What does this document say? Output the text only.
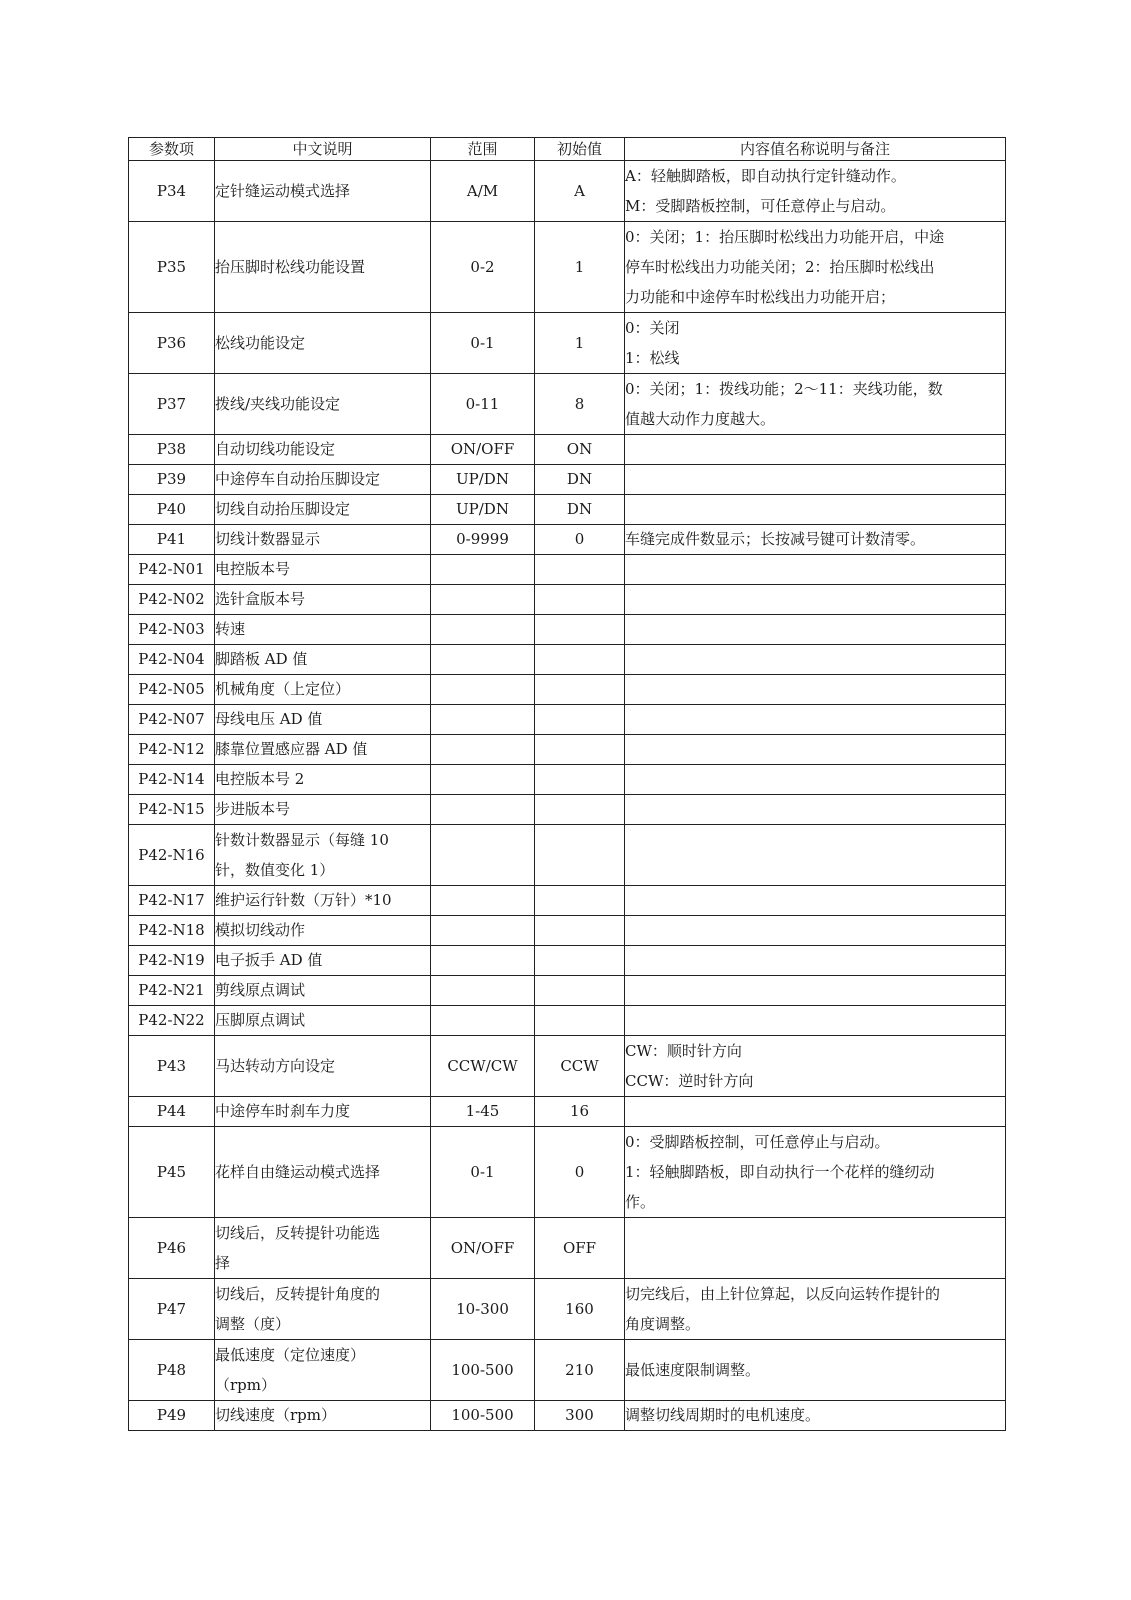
参数项	中文说明	范围	初始值	内容值名称说明与备注
P34	定针缝运动模式选择	A/M	A	A：轻触脚踏板，即自动执行定针缝动作。
M：受脚踏板控制，可任意停止与启动。

P35	抬压脚时松线功能设置	0-2	1	0：关闭；1：抬压脚时松线出力功能开启，中途
停车时松线出力功能关闭；2：抬压脚时松线出
力功能和中途停车时松线出力功能开启；

P36	松线功能设定	0-1	1	0：关闭
1：松线

P37	拨线/夹线功能设定	0-11	8	0：关闭；1：拨线功能；2～11：夹线功能，数
值越大动作力度越大。

P38	自动切线功能设定	ON/OFF	ON	
P39	中途停车自动抬压脚设定	UP/DN	DN	
P40	切线自动抬压脚设定	UP/DN	DN	
P41	切线计数器显示	0-9999	0	车缝完成件数显示；长按减号键可计数清零。

P42-N01	电控版本号			

P42-N02	选针盒版本号			

P42-N03	转速			

P42-N04	脚踏板 AD 值			

P42-N05	机械角度（上定位）			

P42-N07	母线电压 AD 值			

P42-N12	膝靠位置感应器 AD 值			

P42-N14	电控版本号 2			

P42-N15	步进版本号			

P42-N16	针数计数器显示（每缝 10
针，数值变化 1）			

P42-N17	维护运行针数（万针）*10			

P42-N18	模拟切线动作			

P42-N19	电子扳手 AD 值			

P42-N21	剪线原点调试			

P42-N22	压脚原点调试			

P43	马达转动方向设定	CCW/CW	CCW	CW：顺时针方向
CCW：逆时针方向

P44	中途停车时刹车力度	1-45	16	
P45	花样自由缝运动模式选择	0-1	0	0：受脚踏板控制，可任意停止与启动。
1：轻触脚踏板，即自动执行一个花样的缝纫动
作。

P46	切线后，反转提针功能选
择	ON/OFF	OFF	
P47	切线后，反转提针角度的
调整（度）	10-300	160	切完线后，由上针位算起，以反向运转作提针的
角度调整。

P48	最低速度（定位速度）
（rpm）	100-500	210	最低速度限制调整。

P49	切线速度（rpm）	100-500	300	调整切线周期时的电机速度。
